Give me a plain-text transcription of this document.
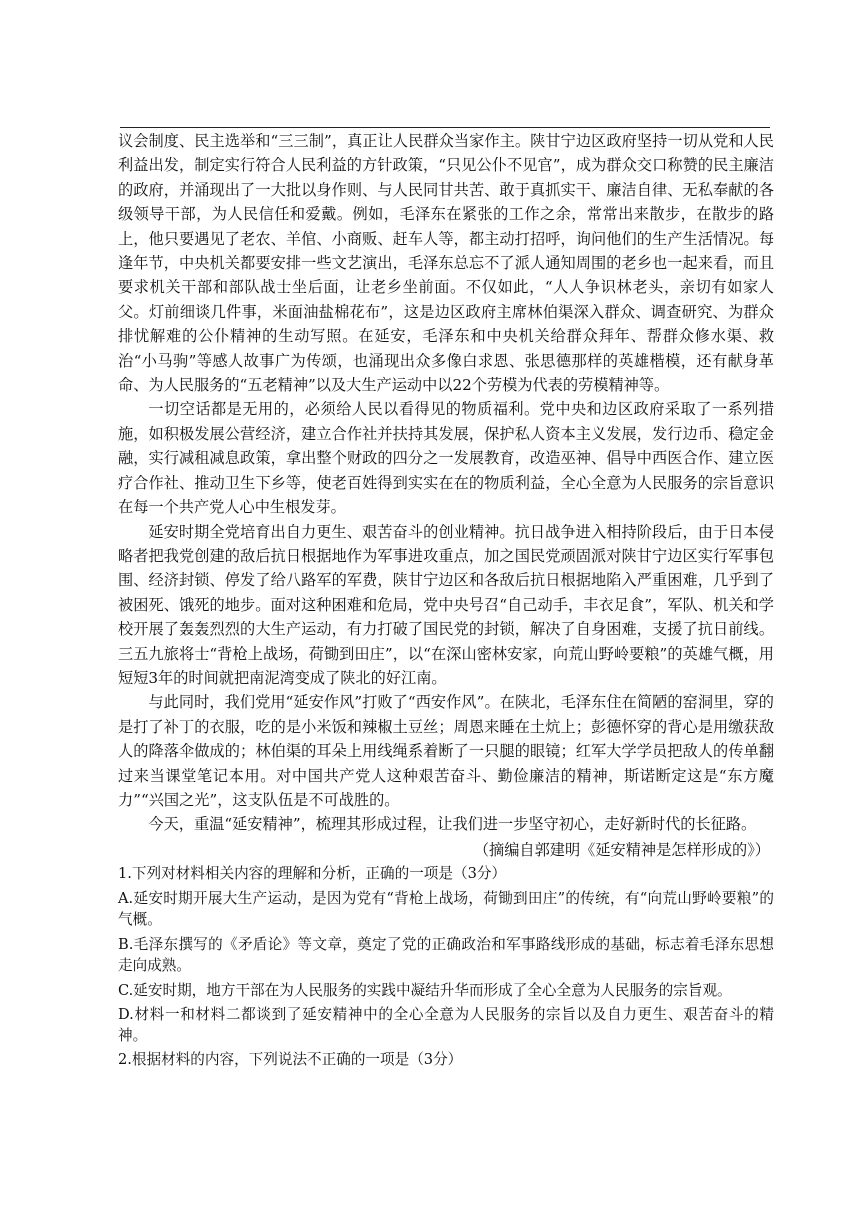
议会制度、民主选举和“三三制”，真正让人民群众当家作主。陕甘宁边区政府坚持一切从党和人民利益出发，制定实行符合人民利益的方针政策，“只见公仆不见官”，成为群众交口称赞的民主廉洁的政府，并涌现出了一大批以身作则、与人民同甘共苦、敢于真抓实干、廉洁自律、无私奉献的各级领导干部，为人民信任和爱戴。例如，毛泽东在紧张的工作之余，常常出来散步，在散步的路上，他只要遇见了老农、羊倌、小商贩、赶车人等，都主动打招呼，询问他们的生产生活情况。每逢年节，中央机关都要安排一些文艺演出，毛泽东总忘不了派人通知周围的老乡也一起来看，而且要求机关干部和部队战士坐后面，让老乡坐前面。不仅如此，“人人争识林老头，亲切有如家人父。灯前细谈几件事，米面油盐棉花布”，这是边区政府主席林伯渠深入群众、调查研究、为群众排忧解难的公仆精神的生动写照。在延安，毛泽东和中央机关给群众拜年、帮群众修水渠、救治“小马驹”等感人故事广为传颂，也涌现出众多像白求恩、张思德那样的英雄楷模，还有献身革命、为人民服务的“五老精神”以及大生产运动中以22个劳模为代表的劳模精神等。

一切空话都是无用的，必须给人民以看得见的物质福利。党中央和边区政府采取了一系列措施，如积极发展公营经济，建立合作社并扶持其发展，保护私人资本主义发展，发行边币、稳定金融，实行减租减息政策，拿出整个财政的四分之一发展教育，改造巫神、倡导中西医合作、建立医疗合作社、推动卫生下乡等，使老百姓得到实实在在的物质利益，全心全意为人民服务的宗旨意识在每一个共产党人心中生根发芽。

延安时期全党培育出自力更生、艰苦奋斗的创业精神。抗日战争进入相持阶段后，由于日本侵略者把我党创建的敌后抗日根据地作为军事进攻重点，加之国民党顽固派对陕甘宁边区实行军事包围、经济封锁、停发了给八路军的军费，陕甘宁边区和各敌后抗日根据地陷入严重困难，几乎到了被困死、饿死的地步。面对这种困难和危局，党中央号召“自己动手，丰衣足食”，军队、机关和学校开展了轰轰烈烈的大生产运动，有力打破了国民党的封锁，解决了自身困难，支援了抗日前线。三五九旅将士“背枪上战场，荷锄到田庄”，以“在深山密林安家，向荒山野岭要粮”的英雄气概，用短短3年的时间就把南泥湾变成了陕北的好江南。

与此同时，我们党用“延安作风”打败了“西安作风”。在陕北，毛泽东住在简陋的窑洞里，穿的是打了补丁的衣服，吃的是小米饭和辣椒土豆丝；周恩来睡在土炕上；彭德怀穿的背心是用缴获敌人的降落伞做成的；林伯渠的耳朵上用线绳系着断了一只腿的眼镜；红军大学学员把敌人的传单翻过来当课堂笔记本用。对中国共产党人这种艰苦奋斗、勤俭廉洁的精神，斯诺断定这是“东方魔力”“兴国之光”，这支队伍是不可战胜的。

今天，重温“延安精神”，梳理其形成过程，让我们进一步坚守初心，走好新时代的长征路。

（摘编自郭建明《延安精神是怎样形成的》）

1.下列对材料相关内容的理解和分析，正确的一项是（3分）

A.延安时期开展大生产运动，是因为党有“背枪上战场，荷锄到田庄”的传统，有“向荒山野岭要粮”的气概。

B.毛泽东撰写的《矛盾论》等文章，奠定了党的正确政治和军事路线形成的基础，标志着毛泽东思想走向成熟。

C.延安时期，地方干部在为人民服务的实践中凝结升华而形成了全心全意为人民服务的宗旨观。

D.材料一和材料二都谈到了延安精神中的全心全意为人民服务的宗旨以及自力更生、艰苦奋斗的精神。

2.根据材料的内容，下列说法不正确的一项是（3分）
